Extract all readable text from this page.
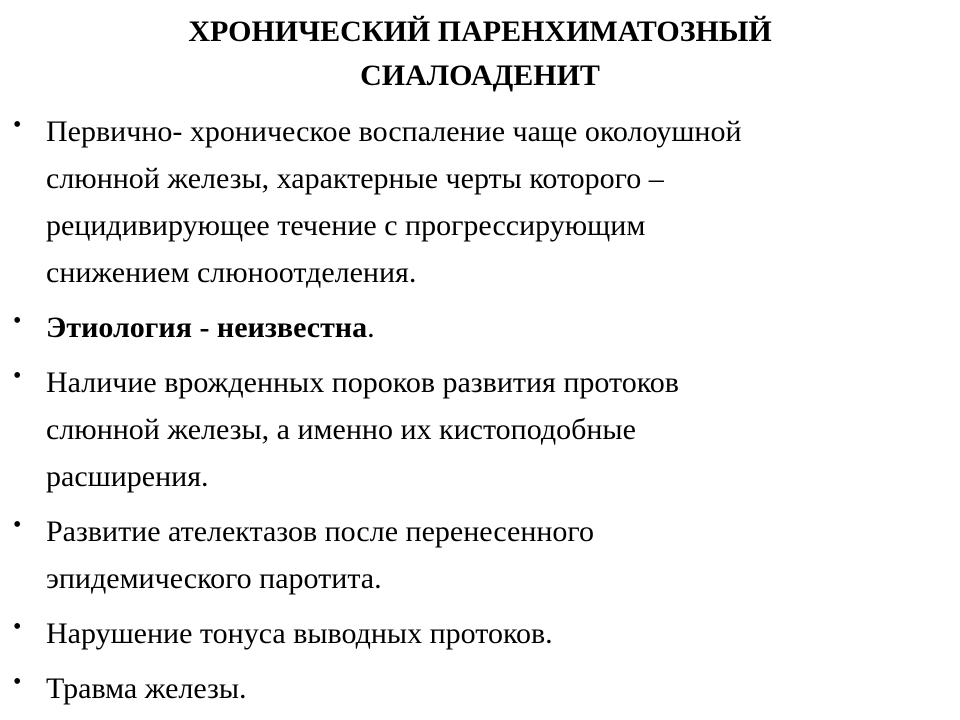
ХРОНИЧЕСКИЙ ПАРЕНХИМАТОЗНЫЙ
СИАЛОАДЕНИТ
• Первично- хроническое воспаление чаще околоушной
слюнной железы, характерные черты которого –
рецидивирующее течение с прогрессирующим
снижением слюноотделения.
• Этиология - неизвестна.
• Наличие врожденных пороков развития протоков
слюнной железы, а именно их кистоподобные
расширения.
• Развитие ателектазов после перенесенного
эпидемического паротита.
• Нарушение тонуса выводных протоков.
• Травма железы.
